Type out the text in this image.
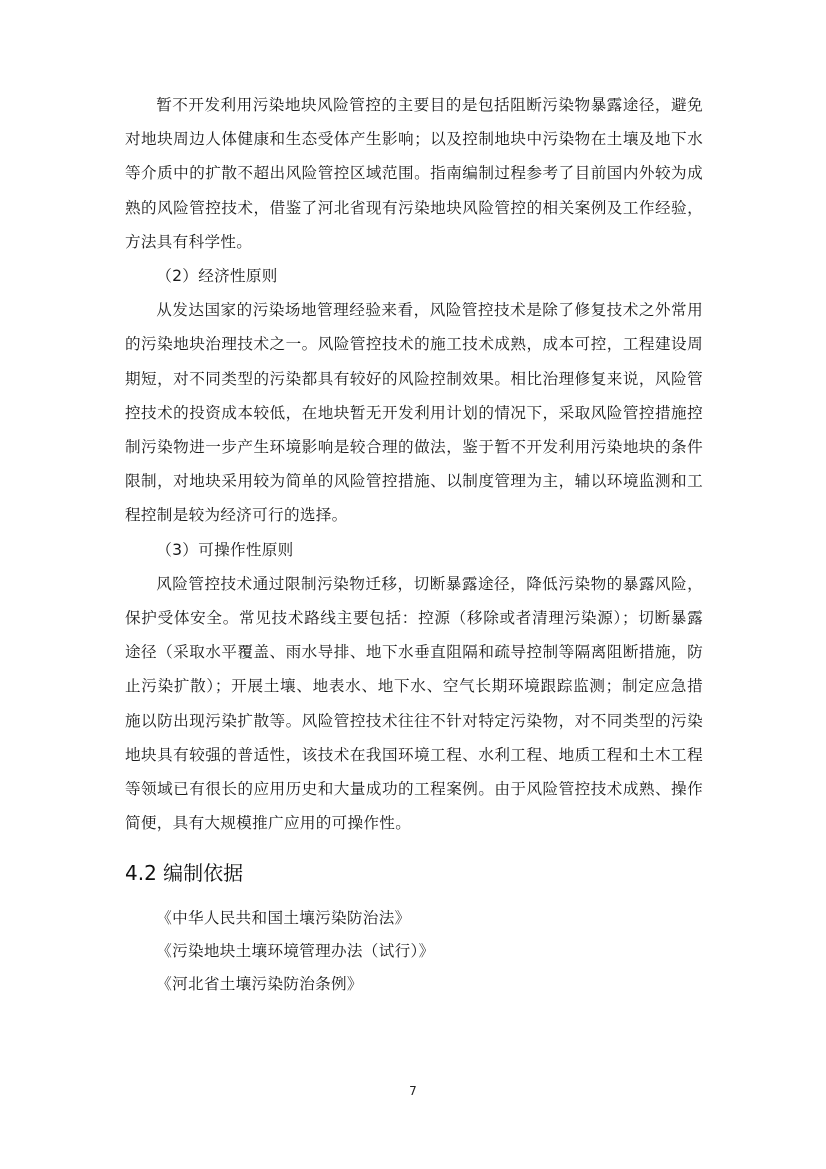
暂不开发利用污染地块风险管控的主要目的是包括阻断污染物暴露途径，避免对地块周边人体健康和生态受体产生影响；以及控制地块中污染物在土壤及地下水等介质中的扩散不超出风险管控区域范围。指南编制过程参考了目前国内外较为成熟的风险管控技术，借鉴了河北省现有污染地块风险管控的相关案例及工作经验，方法具有科学性。

（2）经济性原则

从发达国家的污染场地管理经验来看，风险管控技术是除了修复技术之外常用的污染地块治理技术之一。风险管控技术的施工技术成熟，成本可控，工程建设周期短，对不同类型的污染都具有较好的风险控制效果。相比治理修复来说，风险管控技术的投资成本较低，在地块暂无开发利用计划的情况下，采取风险管控措施控制污染物进一步产生环境影响是较合理的做法，鉴于暂不开发利用污染地块的条件限制，对地块采用较为简单的风险管控措施、以制度管理为主，辅以环境监测和工程控制是较为经济可行的选择。

（3）可操作性原则

风险管控技术通过限制污染物迁移，切断暴露途径，降低污染物的暴露风险，保护受体安全。常见技术路线主要包括：控源（移除或者清理污染源）；切断暴露途径（采取水平覆盖、雨水导排、地下水垂直阻隔和疏导控制等隔离阻断措施，防止污染扩散）；开展土壤、地表水、地下水、空气长期环境跟踪监测；制定应急措施以防出现污染扩散等。风险管控技术往往不针对特定污染物，对不同类型的污染地块具有较强的普适性，该技术在我国环境工程、水利工程、地质工程和土木工程等领域已有很长的应用历史和大量成功的工程案例。由于风险管控技术成熟、操作简便，具有大规模推广应用的可操作性。

4.2 编制依据
《中华人民共和国土壤污染防治法》
《污染地块土壤环境管理办法（试行）》
《河北省土壤污染防治条例》
7
